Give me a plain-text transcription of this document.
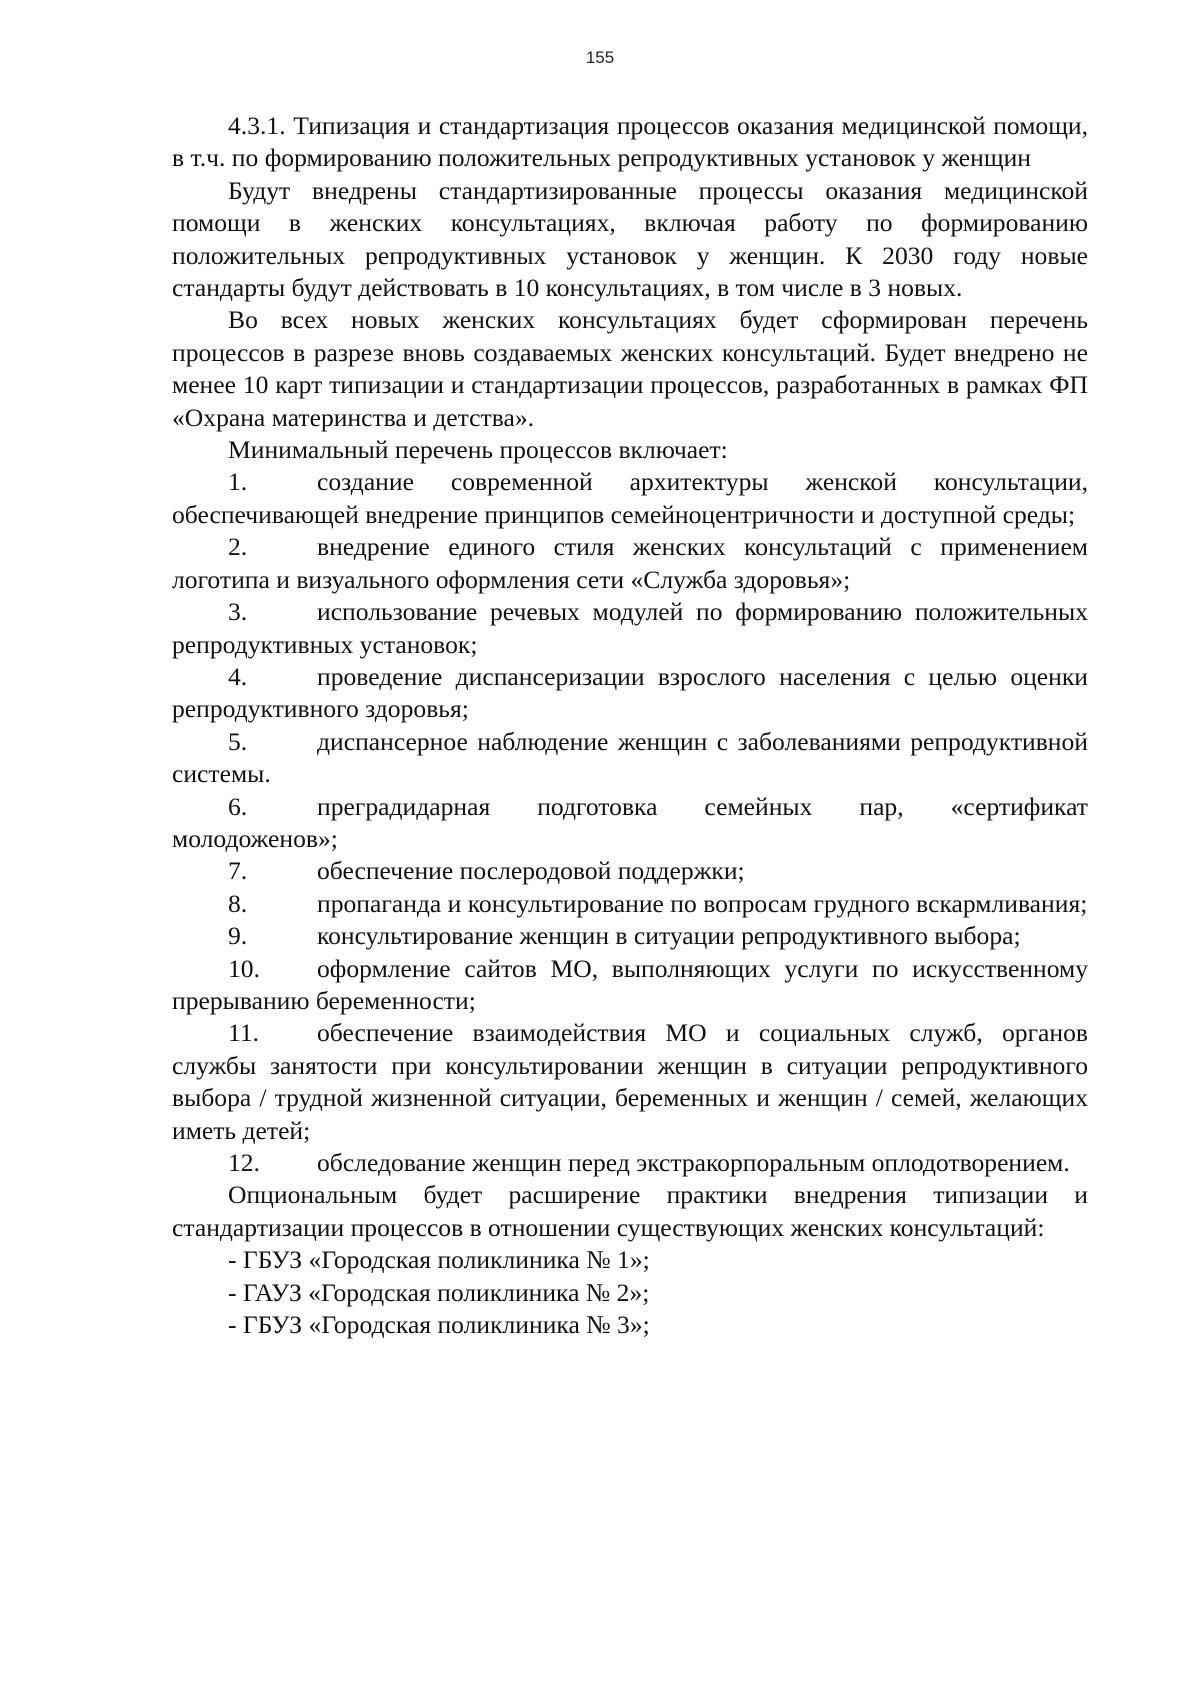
155

4.3.1. Типизация и стандартизация процессов оказания медицинской помощи, в т.ч. по формированию положительных репродуктивных установок у женщин

Будут внедрены стандартизированные процессы оказания медицинской помощи в женских консультациях, включая работу по формированию положительных репродуктивных установок у женщин. К 2030 году новые стандарты будут действовать в 10 консультациях, в том числе в 3 новых.

Во всех новых женских консультациях будет сформирован перечень процессов в разрезе вновь создаваемых женских консультаций. Будет внедрено не менее 10 карт типизации и стандартизации процессов, разработанных в рамках ФП «Охрана материнства и детства».

Минимальный перечень процессов включает:

1.	создание современной архитектуры женской консультации, обеспечивающей внедрение принципов семейноцентричности и доступной среды;
2.	внедрение единого стиля женских консультаций с применением логотипа и визуального оформления сети «Служба здоровья»;
3.	использование речевых модулей по формированию положительных репродуктивных установок;
4.	проведение диспансеризации взрослого населения с целью оценки репродуктивного здоровья;
5.	диспансерное наблюдение женщин с заболеваниями репродуктивной системы.
6.	преградидарная подготовка семейных пар, «сертификат молодоженов»;
7.	обеспечение послеродовой поддержки;
8.	пропаганда и консультирование по вопросам грудного вскармливания;
9.	консультирование женщин в ситуации репродуктивного выбора;
10. оформление сайтов МО, выполняющих услуги по искусственному прерыванию беременности;
11. обеспечение взаимодействия МО и социальных служб, органов службы занятости при консультировании женщин в ситуации репродуктивного выбора / трудной жизненной ситуации, беременных и женщин / семей, желающих иметь детей;
12. обследование женщин перед экстракорпоральным оплодотворением.

Опциональным будет расширение практики внедрения типизации и стандартизации процессов в отношении существующих женских консультаций:

- ГБУЗ «Городская поликлиника № 1»;
- ГАУЗ «Городская поликлиника № 2»;
- ГБУЗ «Городская поликлиника № 3»;
